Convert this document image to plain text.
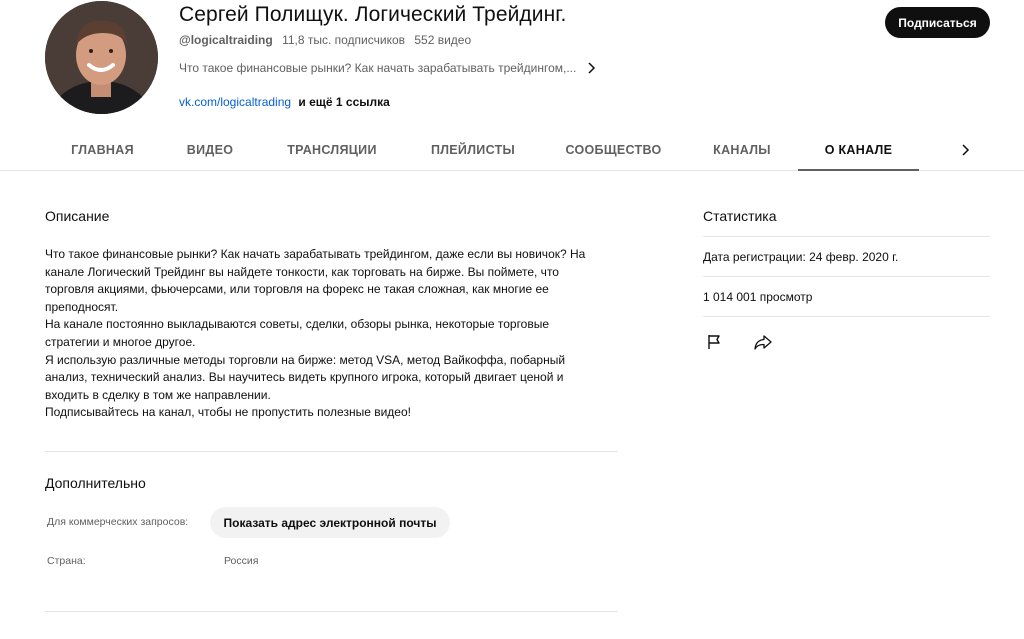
Сергей Полищук. Логический Трейдинг.
@logicaltraiding 11,8 тыс. подписчиков 552 видео
Что такое финансовые рынки? Как начать зарабатывать трейдингом,...
vk.com/logicaltrading и ещё 1 ссылка
Подписаться
ГЛАВНАЯ	ВИДЕО	ТРАНСЛЯЦИИ	ПЛЕЙЛИСТЫ	СООБЩЕСТВО	КАНАЛЫ	О КАНАЛЕ
Описание

Что такое финансовые рынки? Как начать зарабатывать трейдингом, даже если вы новичок? На

канале Логический Трейдинг вы найдете тонкости, как торговать на бирже. Вы поймете, что

торговля акциями, фьючерсами, или торговля на форекс не такая сложная, как многие ее

преподносят.

На канале постоянно выкладываются советы, сделки, обзоры рынка, некоторые торговые

стратегии и многое другое.

Я использую различные методы торговли на бирже: метод VSA, метод Вайкоффа, побарный

анализ, технический анализ. Вы научитесь видеть крупного игрока, который двигает ценой и

входить в сделку в том же направлении.

Подписывайтесь на канал, чтобы не пропустить полезные видео!

Дополнительно
Для коммерческих запросов:	Показать адрес электронной почты
Страна:	Россия
Статистика
Дата регистрации: 24 февр. 2020 г.
1 014 001 просмотр
